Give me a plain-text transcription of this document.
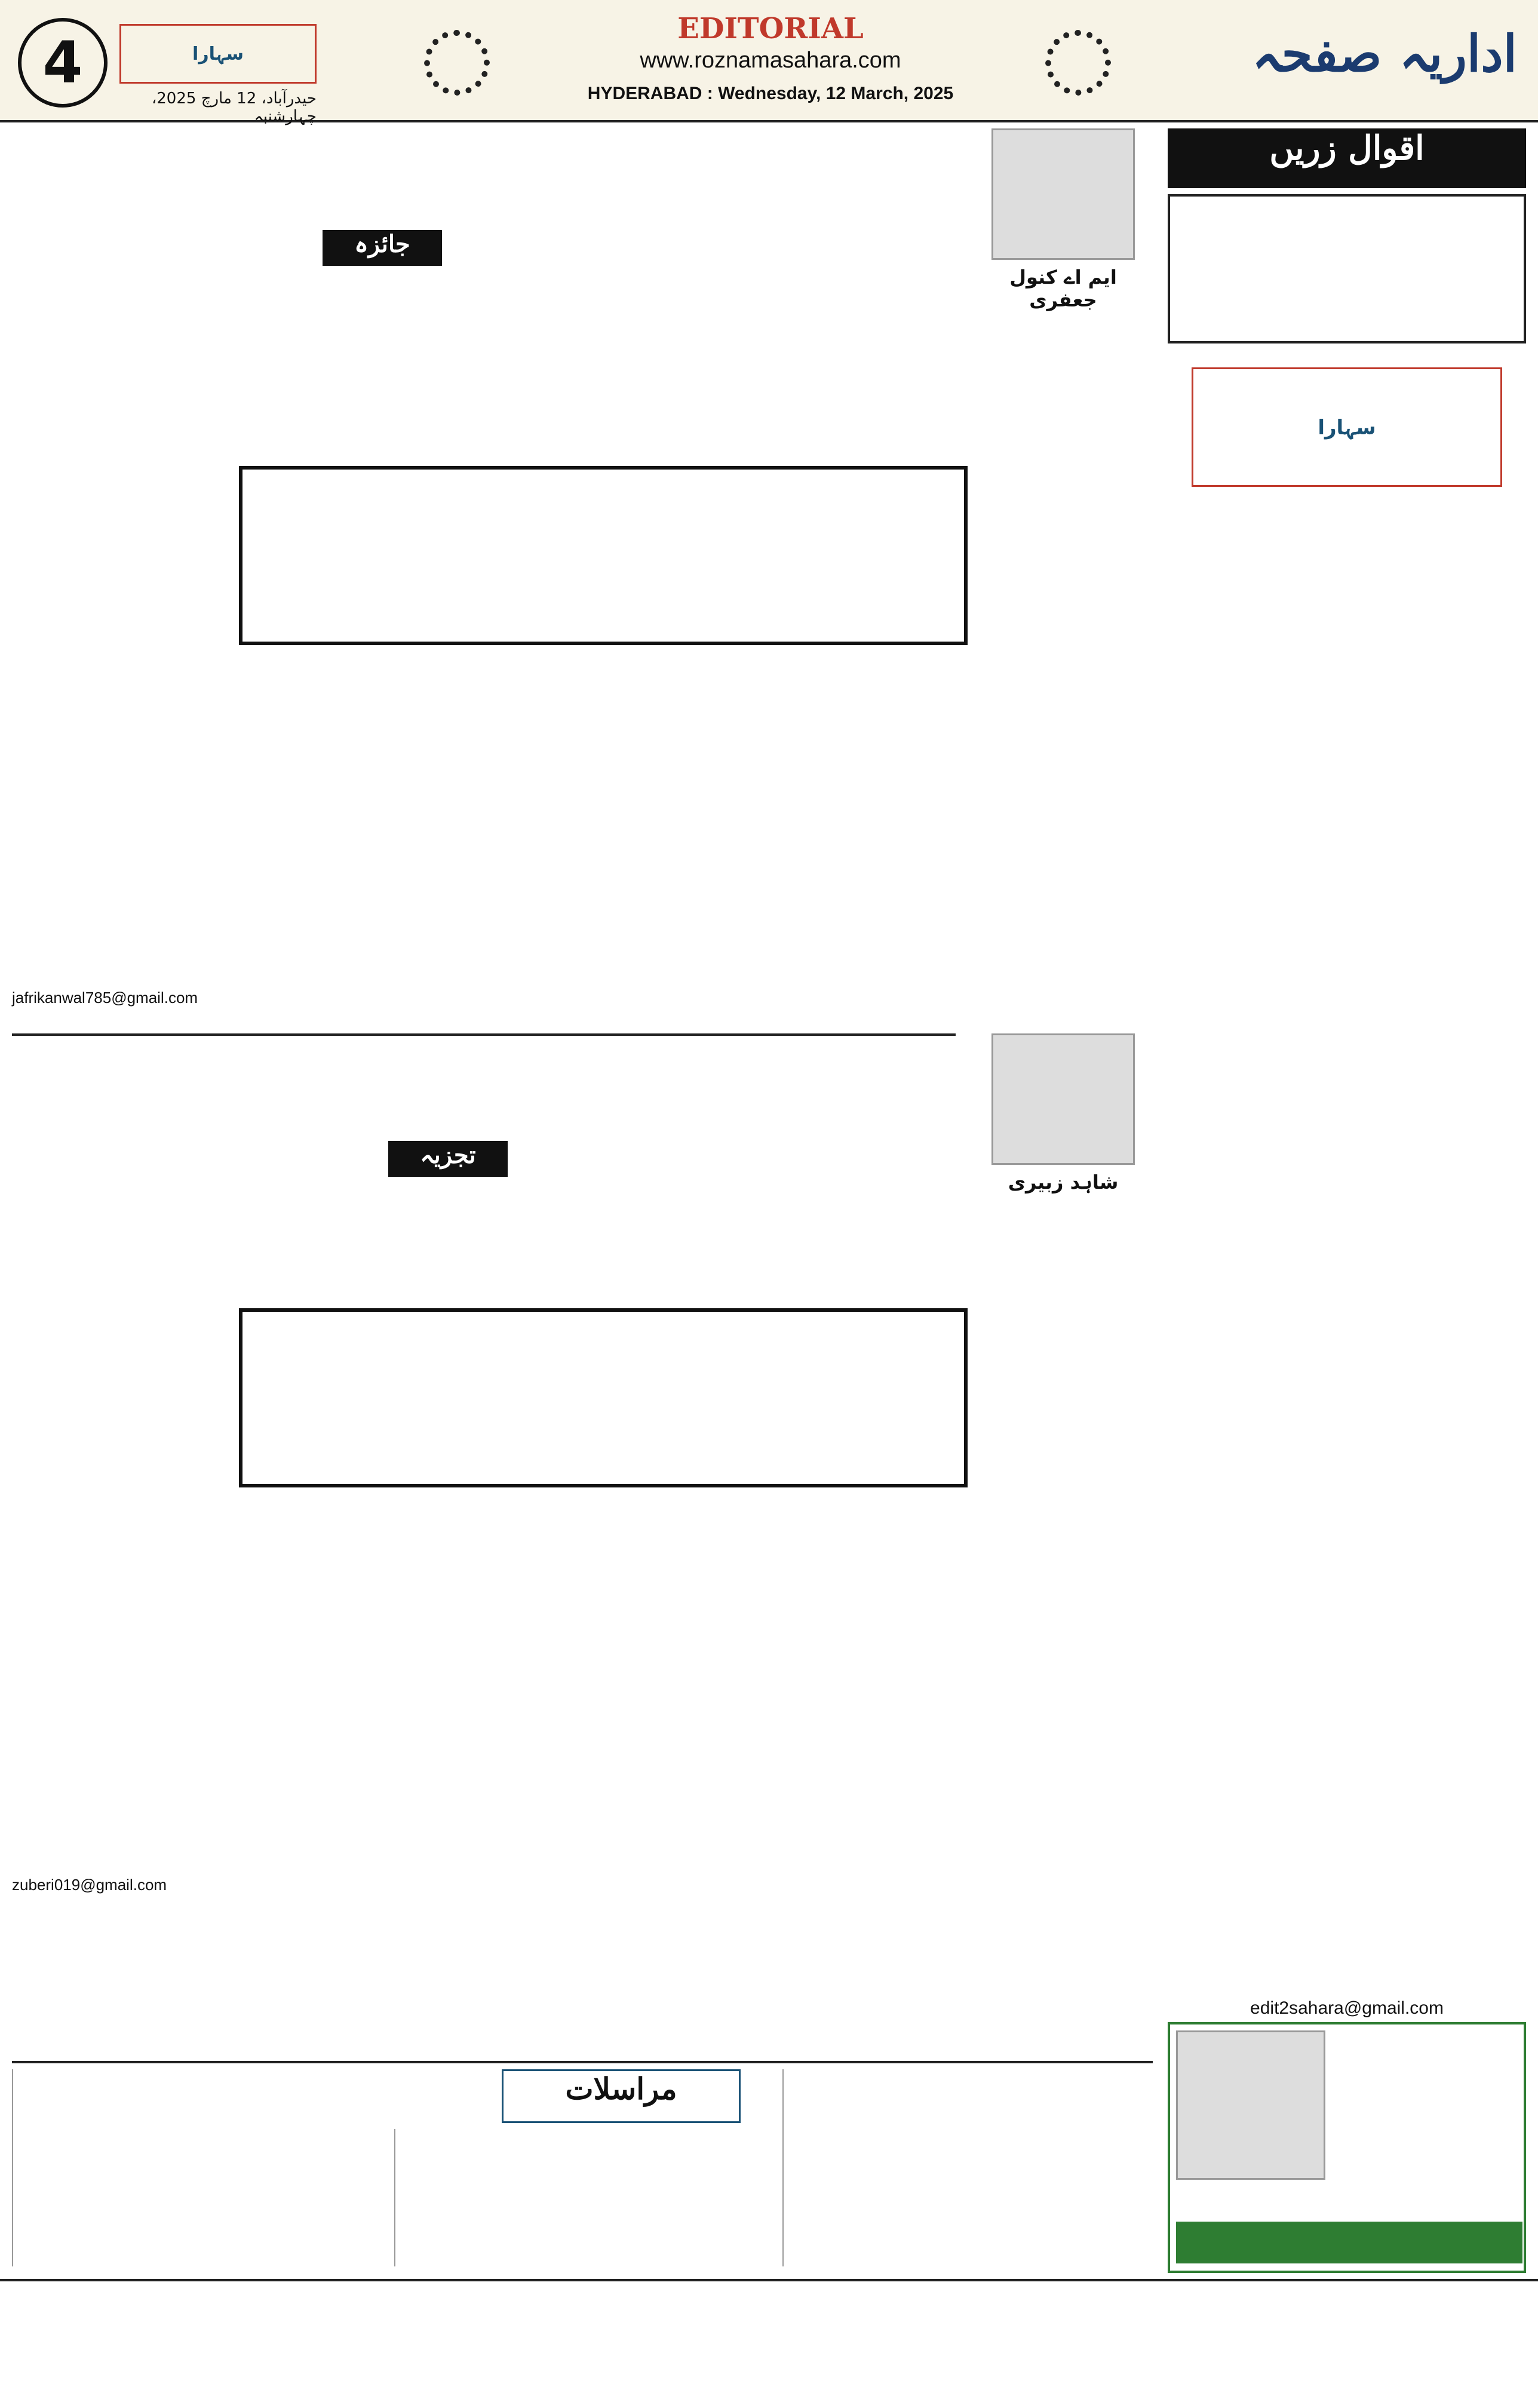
4	سہارا
حیدرآباد، 12 مارچ 2025، چہارشنبہ
EDITORIAL
www.roznamasahara.com
HYDERABAD : Wednesday, 12 March, 2025
اداریہ صفحہ
اقوال زریں
سہارا
edit2sahara@gmail.com
ایم اے کنول جعفری
جائزہ
jafrikanwal785@gmail.com
شاہد زبیری
تجزیہ
zuberi019@gmail.com
مراسلات
